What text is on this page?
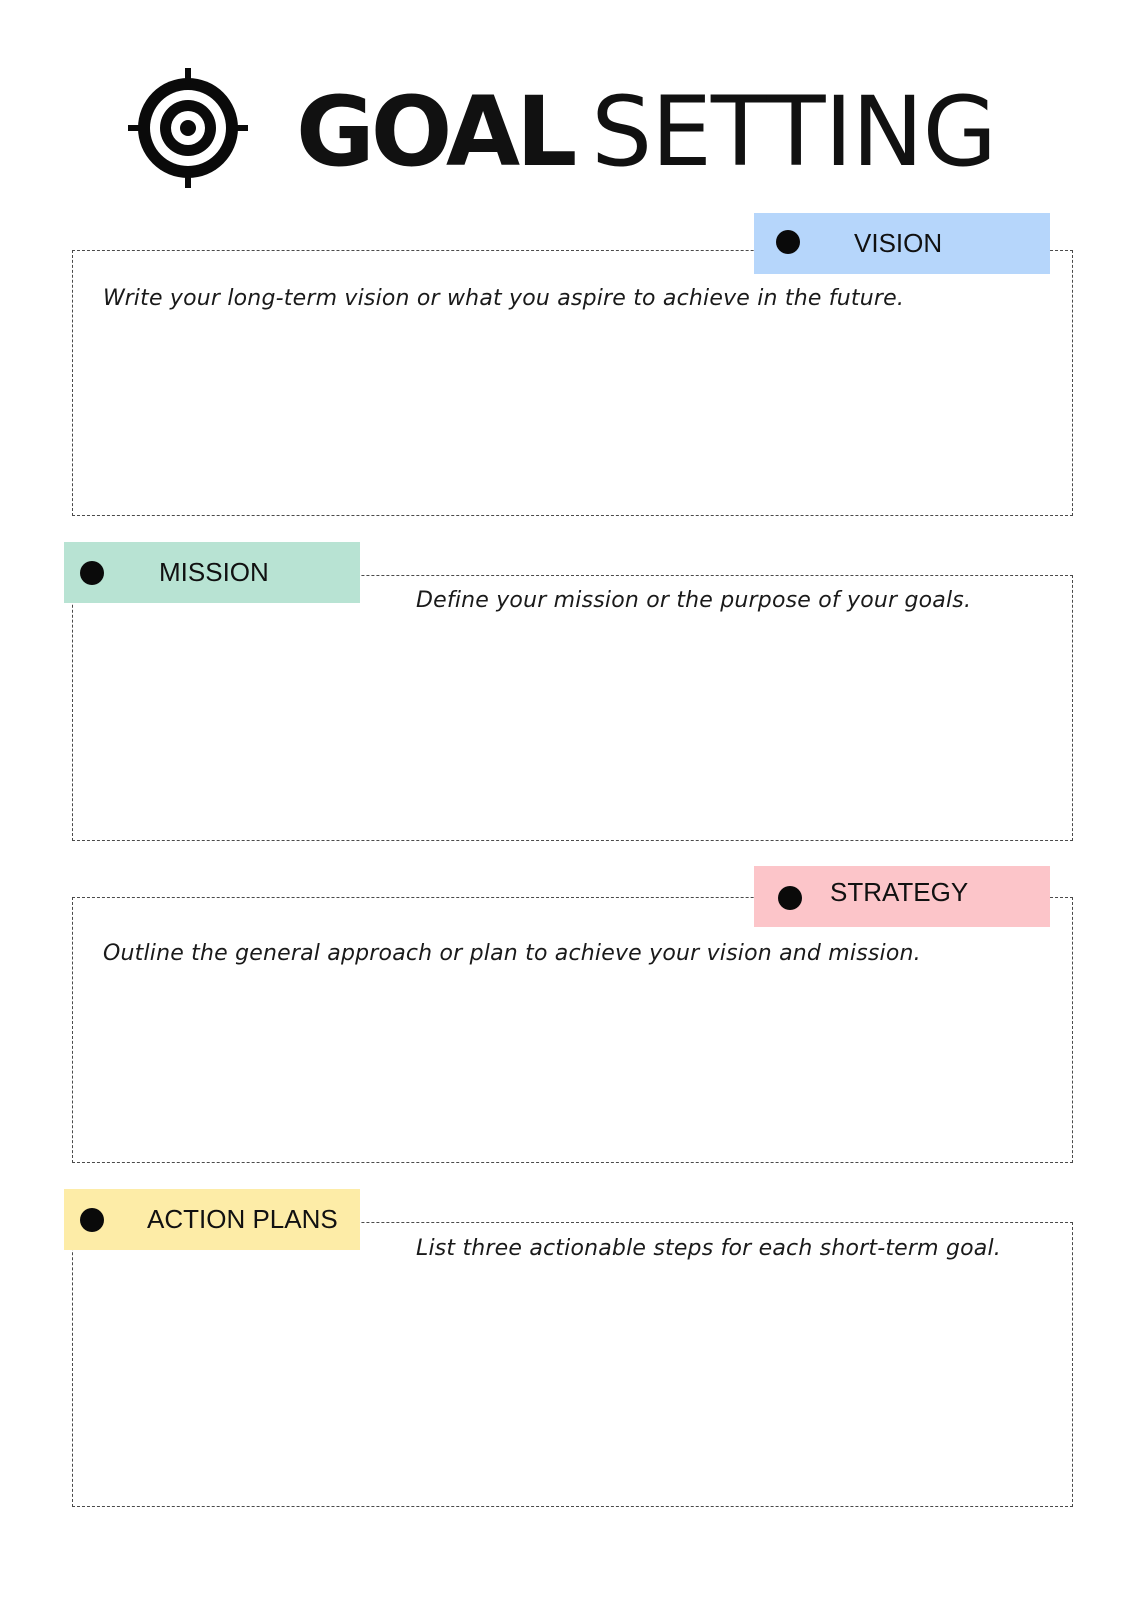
GOAL SETTING
VISION
Write your long-term vision or what you aspire to achieve in the future.
MISSION
Define your mission or the purpose of your goals.
STRATEGY
Outline the general approach or plan to achieve your vision and mission.
ACTION PLANS
List three actionable steps for each short-term goal.
